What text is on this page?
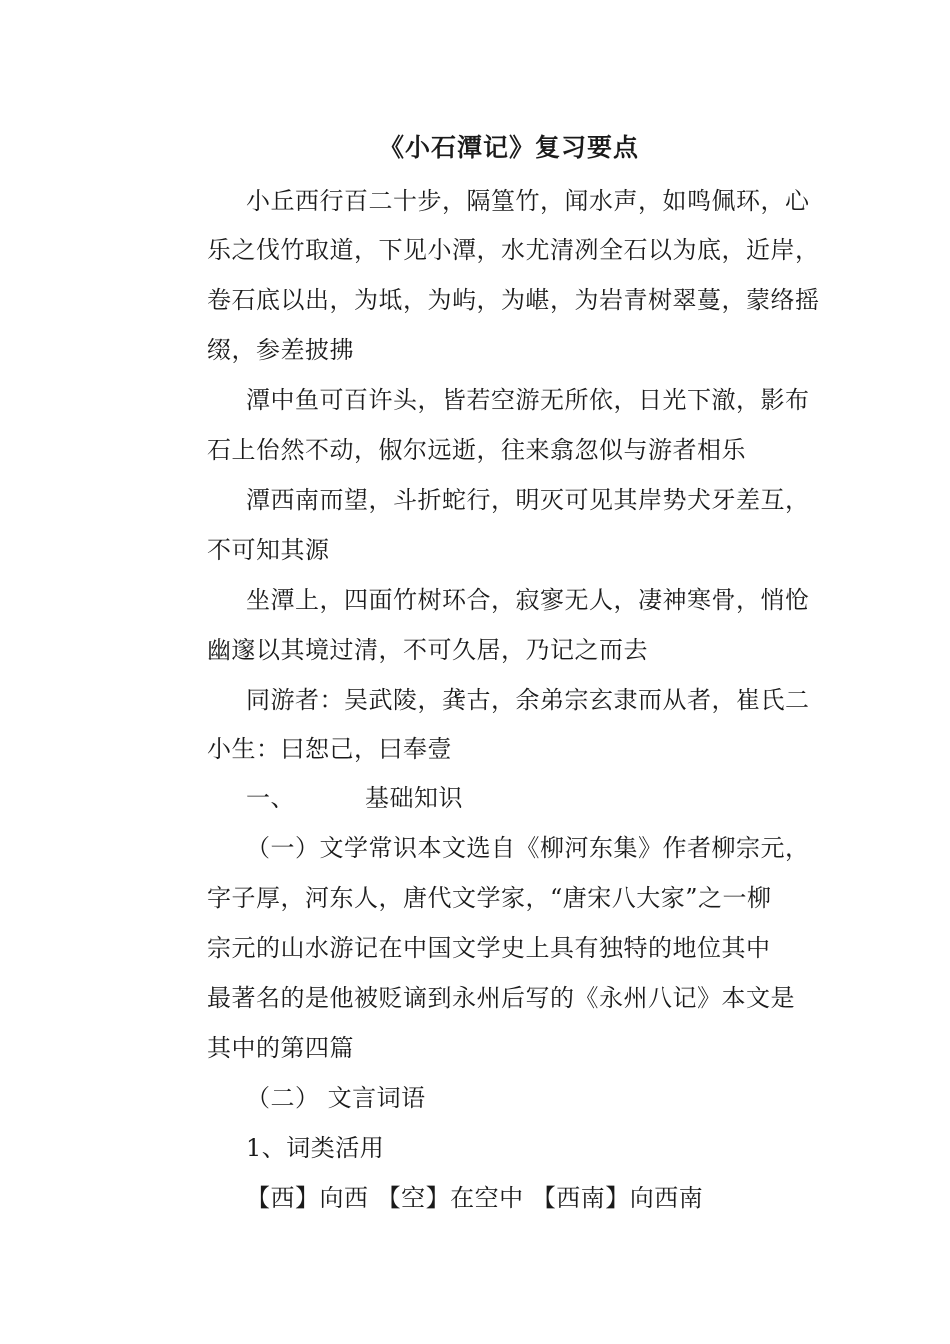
《小石潭记》复习要点
小丘西行百二十步，隔篁竹，闻水声，如鸣佩环，心
乐之伐竹取道，下见小潭，水尤清冽全石以为底，近岸，
卷石底以出，为坻，为屿，为嵁，为岩青树翠蔓，蒙络摇
缀，参差披拂
潭中鱼可百许头，皆若空游无所依，日光下澈，影布
石上佁然不动，俶尔远逝，往来翕忽似与游者相乐
潭西南而望，斗折蛇行，明灭可见其岸势犬牙差互，
不可知其源
坐潭上，四面竹树环合，寂寥无人，凄神寒骨，悄怆
幽邃以其境过清，不可久居，乃记之而去
同游者：吴武陵，龚古，余弟宗玄隶而从者，崔氏二
小生：曰恕己，曰奉壹
一、	基础知识
（一）文学常识本文选自《柳河东集》作者柳宗元，
字子厚，河东人，唐代文学家，“唐宋八大家”之一柳
宗元的山水游记在中国文学史上具有独特的地位其中
最著名的是他被贬谪到永州后写的《永州八记》本文是
其中的第四篇
（二） 文言词语
1、词类活用
【西】向西 【空】在空中 【西南】向西南
